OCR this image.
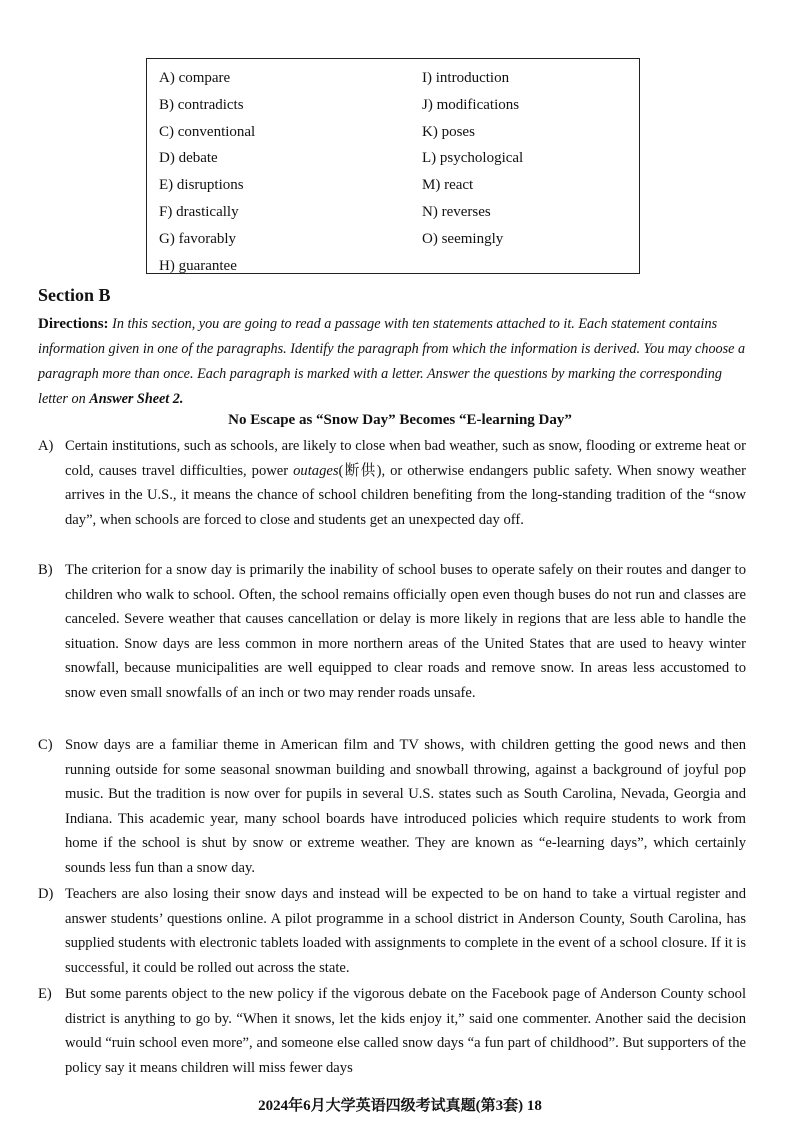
A) compare
B) contradicts
C) conventional
D) debate
E) disruptions
F) drastically
G) favorably
H) guarantee
I) introduction
J) modifications
K) poses
L) psychological
M) react
N) reverses
O) seemingly
Section B
Directions: In this section, you are going to read a passage with ten statements attached to it. Each statement contains information given in one of the paragraphs. Identify the paragraph from which the information is derived. You may choose a paragraph more than once. Each paragraph is marked with a letter. Answer the questions by marking the corresponding letter on Answer Sheet 2.
No Escape as “Snow Day” Becomes “E-learning Day”
A) Certain institutions, such as schools, are likely to close when bad weather, such as snow, flooding or extreme heat or cold, causes travel difficulties, power outages(断供), or otherwise endangers public safety. When snowy weather arrives in the U.S., it means the chance of school children benefiting from the long-standing tradition of the “snow day”, when schools are forced to close and students get an unexpected day off.
B) The criterion for a snow day is primarily the inability of school buses to operate safely on their routes and danger to children who walk to school. Often, the school remains officially open even though buses do not run and classes are canceled. Severe weather that causes cancellation or delay is more likely in regions that are less able to handle the situation. Snow days are less common in more northern areas of the United States that are used to heavy winter snowfall, because municipalities are well equipped to clear roads and remove snow. In areas less accustomed to snow even small snowfalls of an inch or two may render roads unsafe.
C) Snow days are a familiar theme in American film and TV shows, with children getting the good news and then running outside for some seasonal snowman building and snowball throwing, against a background of joyful pop music. But the tradition is now over for pupils in several U.S. states such as South Carolina, Nevada, Georgia and Indiana. This academic year, many school boards have introduced policies which require students to work from home if the school is shut by snow or extreme weather. They are known as “e-learning days”, which certainly sounds less fun than a snow day.
D) Teachers are also losing their snow days and instead will be expected to be on hand to take a virtual register and answer students’ questions online. A pilot programme in a school district in Anderson County, South Carolina, has supplied students with electronic tablets loaded with assignments to complete in the event of a school closure. If it is successful, it could be rolled out across the state.
E) But some parents object to the new policy if the vigorous debate on the Facebook page of Anderson County school district is anything to go by. “When it snows, let the kids enjoy it,” said one commenter. Another said the decision would “ruin school even more”, and someone else called snow days “a fun part of childhood”. But supporters of the policy say it means children will miss fewer days
2024年6月大学英语四级考试真题(第3套) 18
